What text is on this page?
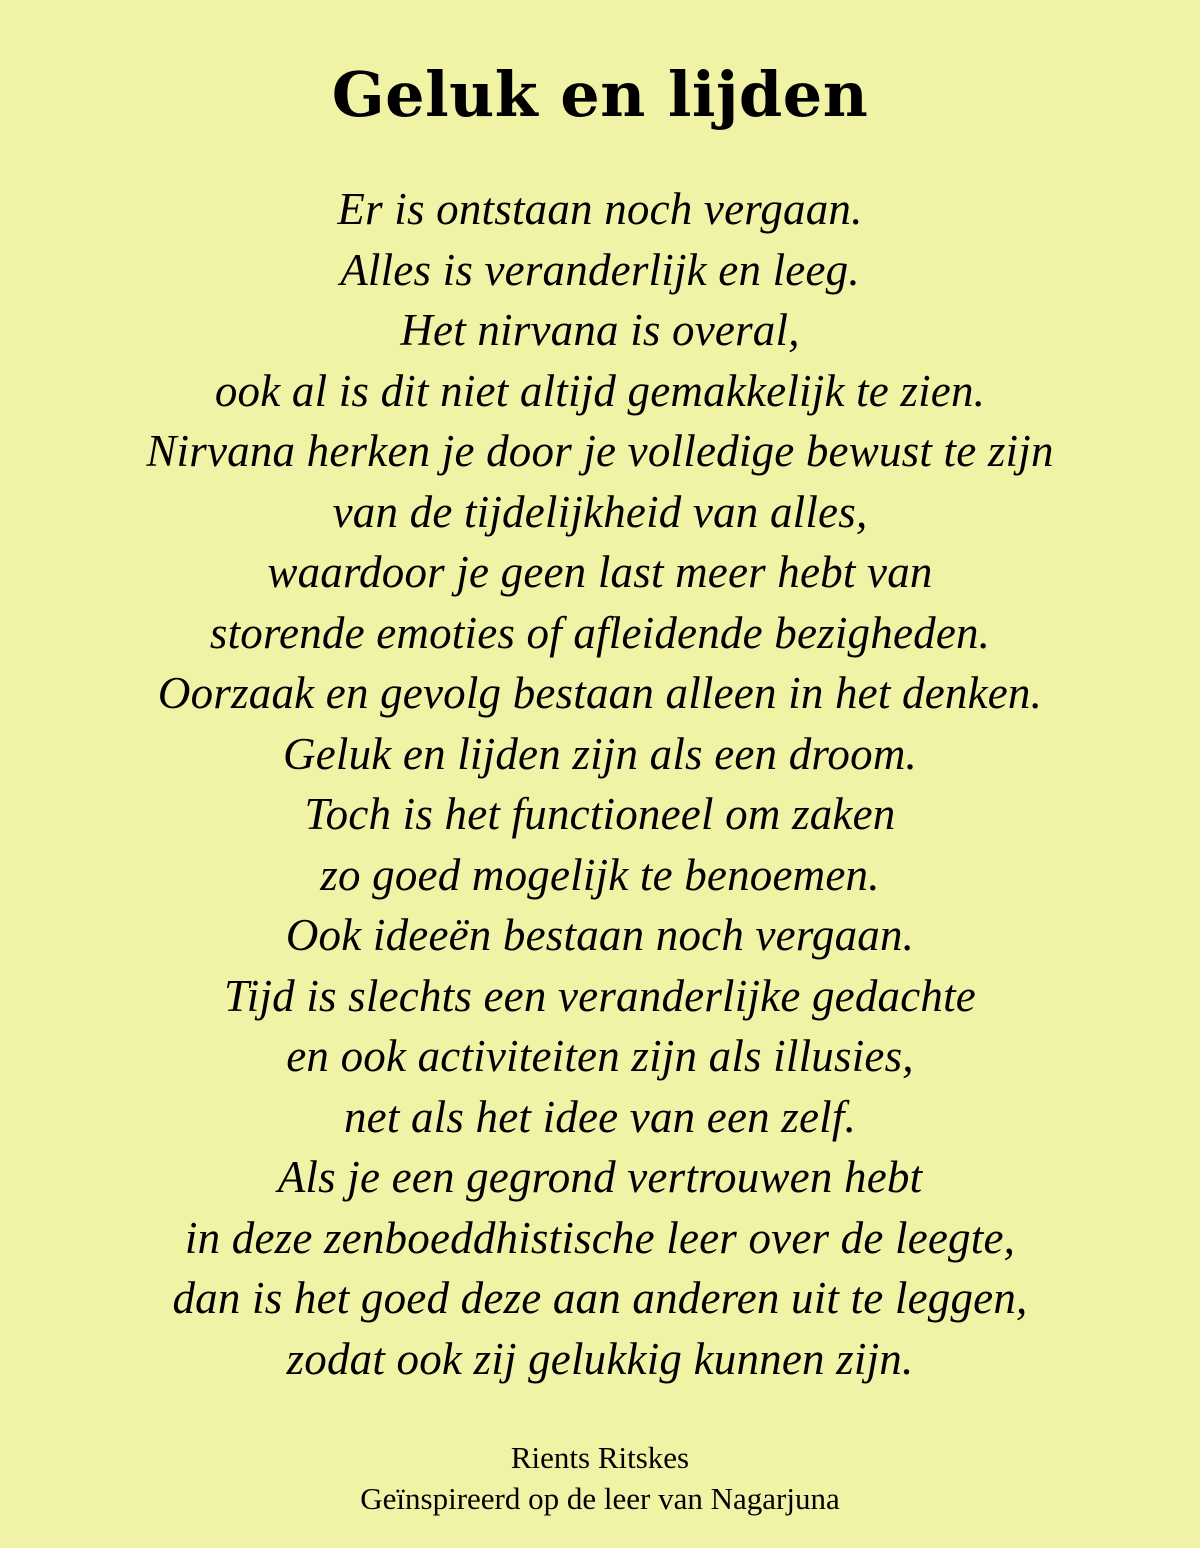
Geluk en lijden
Er is ontstaan noch vergaan.
Alles is veranderlijk en leeg.
Het nirvana is overal,
ook al is dit niet altijd gemakkelijk te zien.
Nirvana herken je door je volledige bewust te zijn
van de tijdelijkheid van alles,
waardoor je geen last meer hebt van
storende emoties of afleidende bezigheden.
Oorzaak en gevolg bestaan alleen in het denken.
Geluk en lijden zijn als een droom.
Toch is het functioneel om zaken
zo goed mogelijk te benoemen.
Ook ideeën bestaan noch vergaan.
Tijd is slechts een veranderlijke gedachte
en ook activiteiten zijn als illusies,
net als het idee van een zelf.
Als je een gegrond vertrouwen hebt
in deze zenboeddhistische leer over de leegte,
dan is het goed deze aan anderen uit te leggen,
zodat ook zij gelukkig kunnen zijn.
Rients Ritskes
Geïnspireerd op de leer van Nagarjuna
